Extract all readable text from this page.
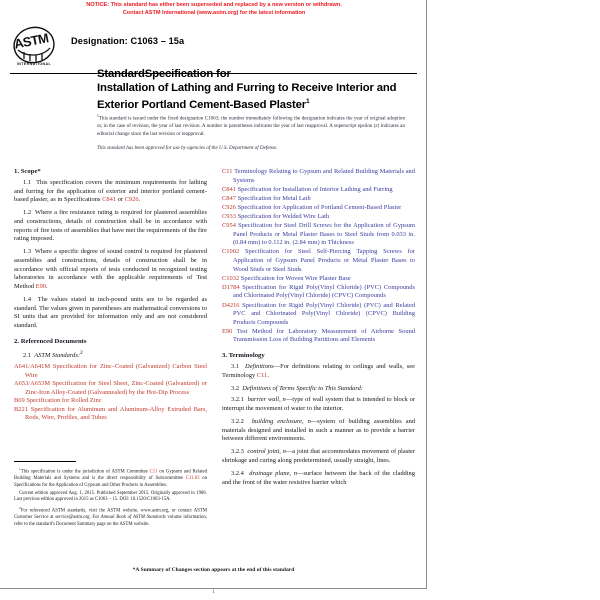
NOTICE: This standard has either been superseded and replaced by a new version or withdrawn.
Contact ASTM International (www.astm.org) for the latest information
ASTM
INTERNATIONAL
Designation: C1063 – 15a
StandardSpecification for
Installation of Lathing and Furring to Receive Interior and
Exterior Portland Cement-Based Plaster$^1$
$^1$This standard is issued under the fixed designation C1063; the number immediately following the designation indicates the year of original adoption or, in the case of revision, the year of last revision. A number in parentheses indicates the year of last reapproval. A superscript epsilon (ε) indicates an editorial change since the last revision or reapproval.
This standard has been approved for use by agencies of the U.S. Department of Defense.
1. Scope*

1.1 This specification covers the minimum requirements for lathing and furring for the application of exterior and interior portland cement-based plaster, as in Specifications C841 or C926.

1.2 Where a fire resistance rating is required for plastered assemblies and constructions, details of construction shall be in accordance with reports of fire tests of assemblies that have met the requirements of the fire rating imposed.

1.3 Where a specific degree of sound control is required for plastered assemblies and constructions, details of construction shall be in accordance with official reports of tests conducted in recognized testing laboratories in accordance with the applicable requirements of Test Method E90.

1.4 The values stated in inch-pound units are to be regarded as standard. The values given in parentheses are mathematical conversions to SI units that are provided for information only and are not considered standard.

2. Referenced Documents

2.1 ASTM Standards:$^2$

A641/A641M Specification for Zinc–Coated (Galvanized) Carbon Steel Wire
A653/A653M Specification for Steel Sheet, Zinc-Coated (Galvanized) or Zinc-Iron Alloy-Coated (Galvannealed) by the Hot-Dip Process
B69 Specification for Rolled Zinc
B221 Specification for Aluminum and Aluminum-Alloy Extruded Bars, Rods, Wire, Profiles, and Tubes
C11 Terminology Relating to Gypsum and Related Building Materials and Systems
C841 Specification for Installation of Interior Lathing and Furring
C847 Specification for Metal Lath
C926 Specification for Application of Portland Cement-Based Plaster
C933 Specification for Welded Wire Lath
C954 Specification for Steel Drill Screws for the Application of Gypsum Panel Products or Metal Plaster Bases to Steel Studs from 0.033 in. (0.84 mm) to 0.112 in. (2.84 mm) in Thickness
C1002 Specification for Steel Self-Piercing Tapping Screws for Application of Gypsum Panel Products or Metal Plaster Bases to Wood Studs or Steel Studs
C1032 Specification for Woven Wire Plaster Base
D1784 Specification for Rigid Poly(Vinyl Chloride) (PVC) Compounds and Chlorinated Poly(Vinyl Chloride) (CPVC) Compounds
D4216 Specification for Rigid Poly(Vinyl Chloride) (PVC) and Related PVC and Chlorinated Poly(Vinyl Chloride) (CPVC) Building Products Compounds
E90 Test Method for Laboratory Measurement of Airborne Sound Transmission Loss of Building Partitions and Elements
3. Terminology

3.1 Definitions—For definitions relating to ceilings and walls, see Terminology C11.

3.2 Definitions of Terms Specific to This Standard:

3.2.1 barrier wall, n—type of wall system that is intended to block or interrupt the movement of water to the interior.

3.2.2 building enclosure, n—system of building assemblies and materials designed and installed in such a manner as to provide a barrier between different environments.

3.2.3 control joint, n—a joint that accommodates movement of plaster shrinkage and curing along predetermined, usually straight, lines.

3.2.4 drainage plane, n—surface between the back of the cladding and the front of the water resistive barrier which

$^1$This specification is under the jurisdiction of ASTM Committee C11 on Gypsum and Related Building Materials and Systems and is the direct responsibility of Subcommittee C11.03 on Specifications for the Application of Gypsum and Other Products in Assemblies.

Current edition approved Aug. 1, 2015. Published September 2015. Originally approved in 1986. Last previous edition approved in 2015 as C1063 – 15. DOI: 10.1520/C1063-15A.

$^2$For referenced ASTM standards, visit the ASTM website, www.astm.org, or contact ASTM Customer Service at service@astm.org. For Annual Book of ASTM Standards volume information, refer to the standard's Document Summary page on the ASTM website.

*A Summary of Changes section appears at the end of this standard
1
